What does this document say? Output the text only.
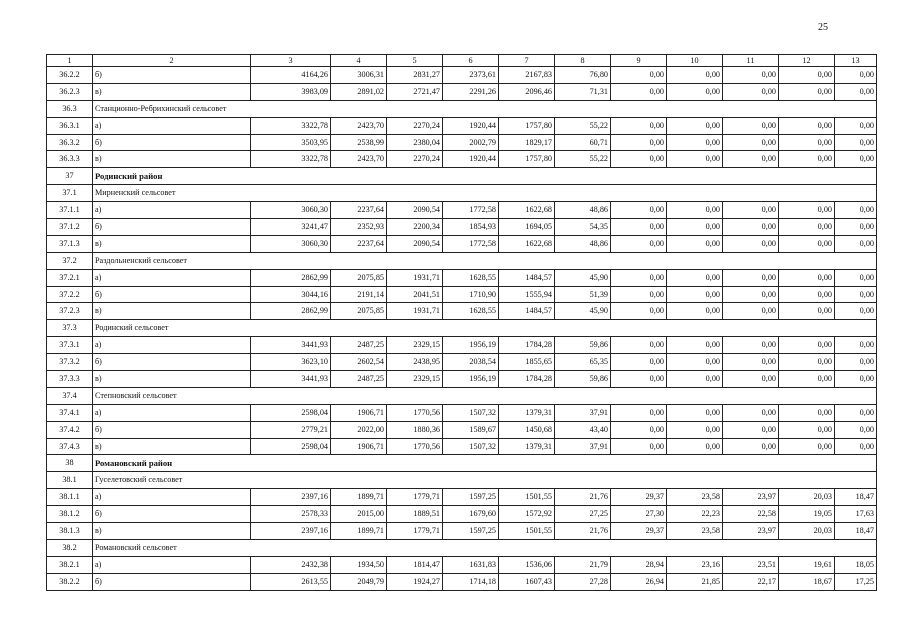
25
1	2	3	4	5	6	7	8	9	10	11	12	13
36.2.2	б)	4164,26	3006,31	2831,27	2373,61	2167,83	76,80	0,00	0,00	0,00	0,00	0,00
36.2.3	в)	3983,09	2891,02	2721,47	2291,26	2096,46	71,31	0,00	0,00	0,00	0,00	0,00
36.3	Станционно-Ребрихинский сельсовет											
36.3.1	а)	3322,78	2423,70	2270,24	1920,44	1757,80	55,22	0,00	0,00	0,00	0,00	0,00
36.3.2	б)	3503,95	2538,99	2380,04	2002,79	1829,17	60,71	0,00	0,00	0,00	0,00	0,00
36.3.3	в)	3322,78	2423,70	2270,24	1920,44	1757,80	55,22	0,00	0,00	0,00	0,00	0,00
37	Родинский район											
37.1	Мирненский сельсовет											
37.1.1	а)	3060,30	2237,64	2090,54	1772,58	1622,68	48,86	0,00	0,00	0,00	0,00	0,00
37.1.2	б)	3241,47	2352,93	2200,34	1854,93	1694,05	54,35	0,00	0,00	0,00	0,00	0,00
37.1.3	в)	3060,30	2237,64	2090,54	1772,58	1622,68	48,86	0,00	0,00	0,00	0,00	0,00
37.2	Раздольненский сельсовет											
37.2.1	а)	2862,99	2075,85	1931,71	1628,55	1484,57	45,90	0,00	0,00	0,00	0,00	0,00
37.2.2	б)	3044,16	2191,14	2041,51	1710,90	1555,94	51,39	0,00	0,00	0,00	0,00	0,00
37.2.3	в)	2862,99	2075,85	1931,71	1628,55	1484,57	45,90	0,00	0,00	0,00	0,00	0,00
37.3	Родинский сельсовет											
37.3.1	а)	3441,93	2487,25	2329,15	1956,19	1784,28	59,86	0,00	0,00	0,00	0,00	0,00
37.3.2	б)	3623,10	2602,54	2438,95	2038,54	1855,65	65,35	0,00	0,00	0,00	0,00	0,00
37.3.3	в)	3441,93	2487,25	2329,15	1956,19	1784,28	59,86	0,00	0,00	0,00	0,00	0,00
37.4	Степновский сельсовет											
37.4.1	а)	2598,04	1906,71	1770,56	1507,32	1379,31	37,91	0,00	0,00	0,00	0,00	0,00
37.4.2	б)	2779,21	2022,00	1880,36	1589,67	1450,68	43,40	0,00	0,00	0,00	0,00	0,00
37.4.3	в)	2598,04	1906,71	1770,56	1507,32	1379,31	37,91	0,00	0,00	0,00	0,00	0,00
38	Романовский район											
38.1	Гуселетовский сельсовет											
38.1.1	а)	2397,16	1899,71	1779,71	1597,25	1501,55	21,76	29,37	23,58	23,97	20,03	18,47
38.1.2	б)	2578,33	2015,00	1889,51	1679,60	1572,92	27,25	27,30	22,23	22,58	19,05	17,63
38.1.3	в)	2397,16	1899,71	1779,71	1597,25	1501,55	21,76	29,37	23,58	23,97	20,03	18,47
38.2	Романовский сельсовет											
38.2.1	а)	2432,38	1934,50	1814,47	1631,83	1536,06	21,79	28,94	23,16	23,51	19,61	18,05
38.2.2	б)	2613,55	2049,79	1924,27	1714,18	1607,43	27,28	26,94	21,85	22,17	18,67	17,25
